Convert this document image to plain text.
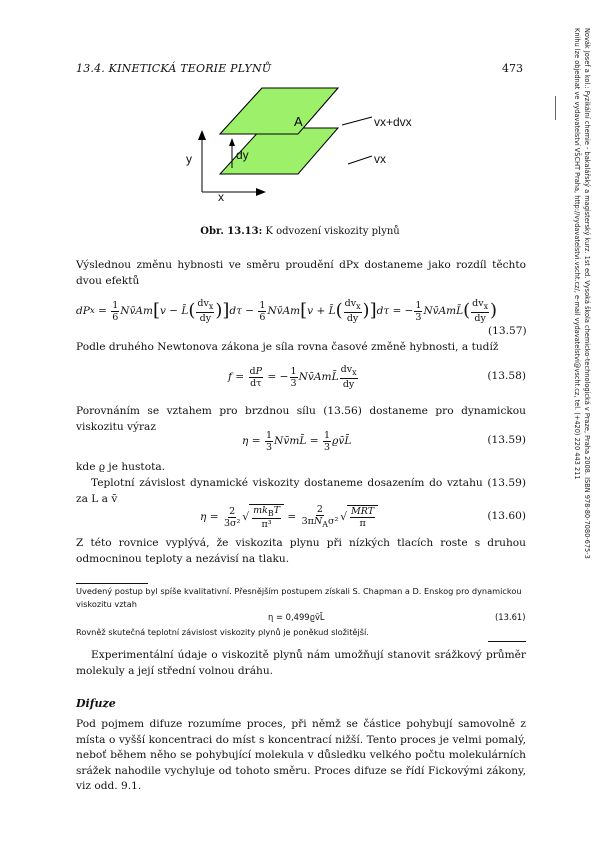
13.4. KINETICKÁ TEORIE PLYNŮ	473	Novák Josef a kol.: Fyzikální chemie - bakalářský a magisterský kurz. 1st ed. Vysoká škola chemicko-technologická v Praze, Praha 2008. ISBN 978-80-7080-675-3
Knihu lze objednat ve vydavatelství VŠCHT Praha, http://vydavatelstvi.vscht.cz/, e-mail vydavatelstvi@vscht.cz, tel. (+420) 220 443 211
A	vx+dvx
vx
dy
y
x
Obr. 13.13: K odvození viskozity plynů
Výslednou změnu hybnosti ve směru proudění dPx dostaneme jako rozdíl těchto dvou efektů
d P $x = \frac{1}{6}$ N v̄ Am [ v − L̄ ( $\frac{dv_x}{dy}$ ) ] $d\tau - \frac{1}{6}$ N v̄ Am [ v + L̄ ( $\frac{dv_x}{dy}$ ) ] dτ = − $\frac{1}{3}$ N v̄ AmL̄ ( $\frac{dv_x}{dy}$ )
(13.57)
Podle druhého Newtonova zákona je síla rovna časové změně hybnosti, a tudíž
$f = \frac{dP}{d\tau}$ = − $\frac{1}{3}$ N v̄ AmL̄ $\frac{dv_x}{dy}$	(13.58)
Porovnáním se vztahem pro brzdnou sílu (13.56) dostaneme pro dynamickou viskozitu výraz
$\eta = \frac{1}{3}$ N v̄ mL̄ = $\frac{1}{3}$ ϱ v̄ L̄	(13.59)
kde ϱ je hustota.
Teplotní závislost dynamické viskozity dostaneme dosazením do vztahu (13.59) za L a v̄
$\eta = \frac{2}{\text{3σ²}}$ √ $\frac{mk_BT}{\text{π³}} = \frac{2}{3\pi N_A\sigma^2}$ √ $\frac{\text{MRT}}{\pi}$	(13.60)
Z této rovnice vyplývá, že viskozita plynu při nízkých tlacích roste s druhou odmocninou teploty a nezávisí na tlaku.
Uvedený postup byl spíše kvalitativní. Přesnějším postupem získali S. Chapman a D. Enskog pro dynamickou viskozitu vztah
η = 0,499ϱv̄L̄	(13.61)
Rovněž skutečná teplotní závislost viskozity plynů je poněkud složitější.
Experimentální údaje o viskozitě plynů nám umožňují stanovit srážkový průměr molekuly a její střední volnou dráhu.
Difuze
Pod pojmem difuze rozumíme proces, při němž se částice pohybují samovolně z místa o vyšší koncentraci do míst s koncentrací nižší. Tento proces je velmi pomalý, neboť během něho se pohybující molekula v důsledku velkého počtu molekulárních srážek nahodile vychyluje od tohoto směru. Proces difuze se řídí Fickovými zákony, viz odd. 9.1.
